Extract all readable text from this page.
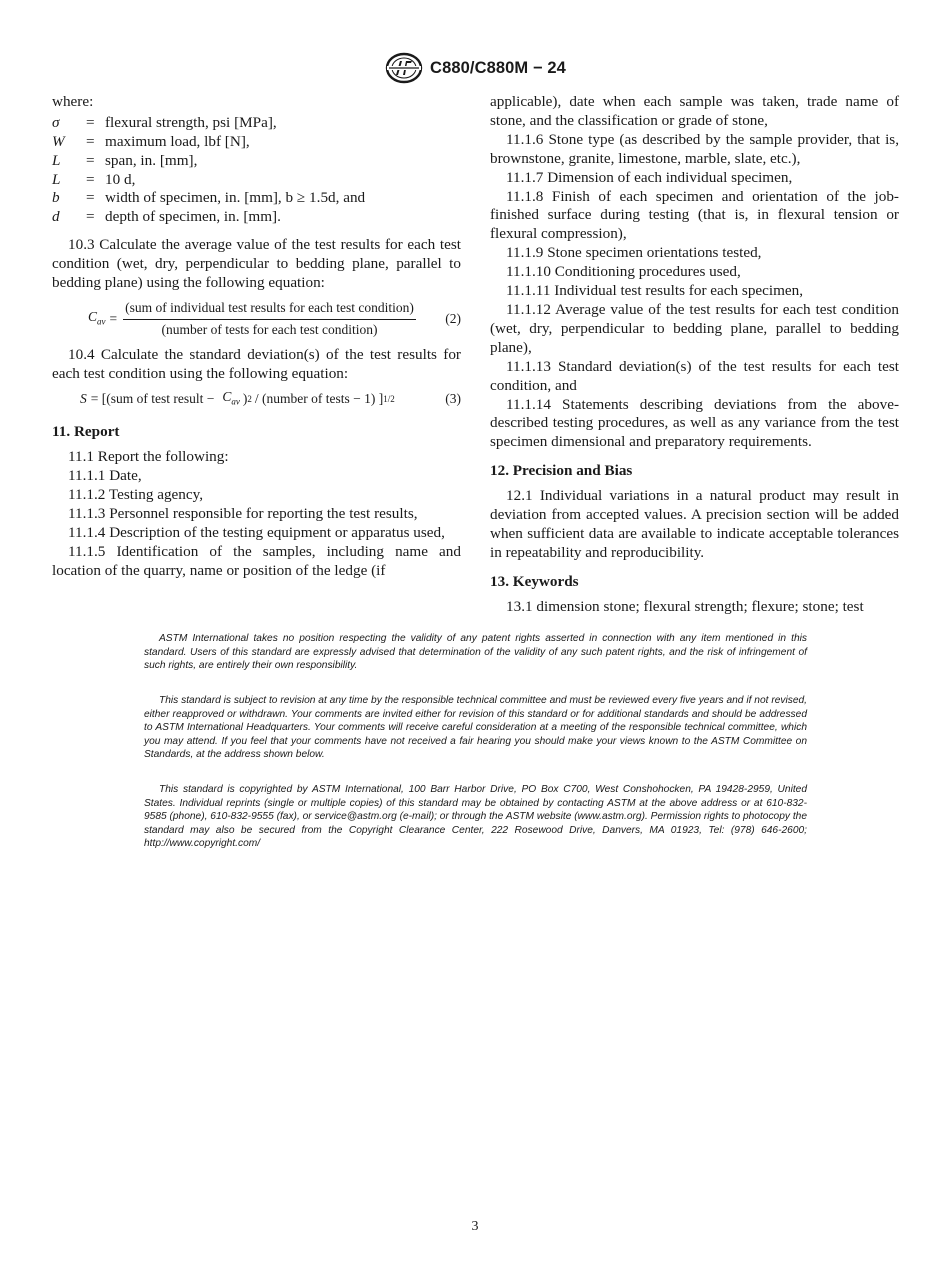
C880/C880M − 24

where:

σ	= flexural strength, psi [MPa],
W	= maximum load, lbf [N],
L	= span, in. [mm],
L	= 10 d,
b	= width of specimen, in. [mm], b ≥ 1.5d, and
d	= depth of specimen, in. [mm].

10.3 Calculate the average value of the test results for each test condition (wet, dry, perpendicular to bedding plane, parallel to bedding plane) using the following equation:

$C_{av} = \frac{\text{(sum of individual test results for each test condition)}}{\text{(number of tests for each test condition)}}$	(2)

10.4 Calculate the standard deviation(s) of the test results for each test condition using the following equation:

S = [(sum of test result − $C_{av}$ ) 2 / (number of tests − 1) ] 1/2	(3)

11. Report

11.1 Report the following:

11.1.1 Date,

11.1.2 Testing agency,

11.1.3 Personnel responsible for reporting the test results,

11.1.4 Description of the testing equipment or apparatus used,

11.1.5 Identification of the samples, including name and location of the quarry, name or position of the ledge (if

applicable), date when each sample was taken, trade name of stone, and the classification or grade of stone,

11.1.6 Stone type (as described by the sample provider, that is, brownstone, granite, limestone, marble, slate, etc.),

11.1.7 Dimension of each individual specimen,

11.1.8 Finish of each specimen and orientation of the job-finished surface during testing (that is, in flexural tension or flexural compression),

11.1.9 Stone specimen orientations tested,

11.1.10 Conditioning procedures used,

11.1.11 Individual test results for each specimen,

11.1.12 Average value of the test results for each test condition (wet, dry, perpendicular to bedding plane, parallel to bedding plane),

11.1.13 Standard deviation(s) of the test results for each test condition, and

11.1.14 Statements describing deviations from the above-described testing procedures, as well as any variance from the test specimen dimensional and preparatory requirements.

12. Precision and Bias

12.1 Individual variations in a natural product may result in deviation from accepted values. A precision section will be added when sufficient data are available to indicate acceptable tolerances in repeatability and reproducibility.

13. Keywords

13.1 dimension stone; flexural strength; flexure; stone; test

ASTM International takes no position respecting the validity of any patent rights asserted in connection with any item mentioned in this standard. Users of this standard are expressly advised that determination of the validity of any such patent rights, and the risk of infringement of such rights, are entirely their own responsibility.

This standard is subject to revision at any time by the responsible technical committee and must be reviewed every five years and if not revised, either reapproved or withdrawn. Your comments are invited either for revision of this standard or for additional standards and should be addressed to ASTM International Headquarters. Your comments will receive careful consideration at a meeting of the responsible technical committee, which you may attend. If you feel that your comments have not received a fair hearing you should make your views known to the ASTM Committee on Standards, at the address shown below.

This standard is copyrighted by ASTM International, 100 Barr Harbor Drive, PO Box C700, West Conshohocken, PA 19428-2959, United States. Individual reprints (single or multiple copies) of this standard may be obtained by contacting ASTM at the above address or at 610-832-9585 (phone), 610-832-9555 (fax), or service@astm.org (e-mail); or through the ASTM website (www.astm.org). Permission rights to photocopy the standard may also be secured from the Copyright Clearance Center, 222 Rosewood Drive, Danvers, MA 01923, Tel: (978) 646-2600; http://www.copyright.com/

3
